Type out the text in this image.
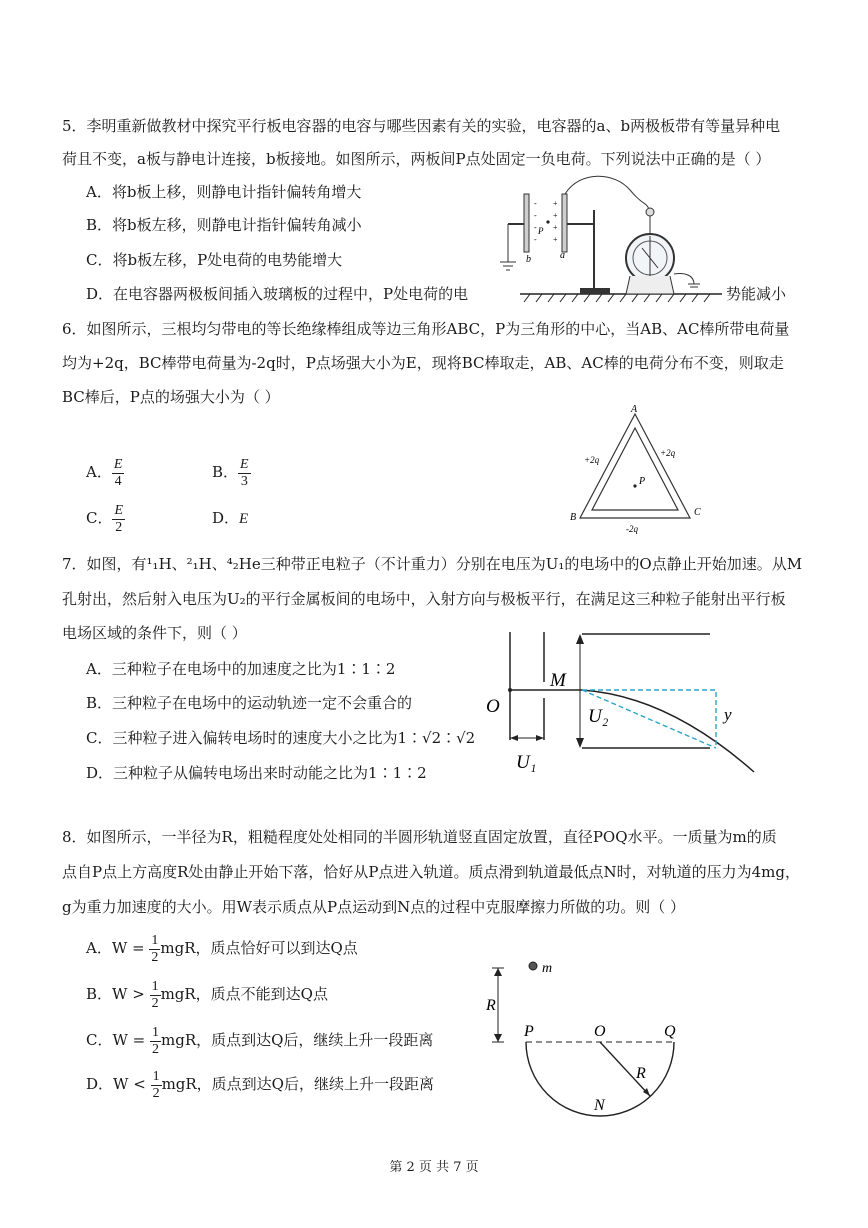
5．李明重新做教材中探究平行板电容器的电容与哪些因素有关的实验，电容器的a、b两极板带有等量异种电
荷且不变，a板与静电计连接，b板接地。如图所示，两板间P点处固定一负电荷。下列说法中正确的是（ ）
A．将b板上移，则静电计指针偏转角增大
B．将b板左移，则静电计指针偏转角减小
C．将b板左移，P处电荷的电势能增大
D．在电容器两极板间插入玻璃板的过程中，P处电荷的电	势能减小
b	a
-
-
-
-
+
+
+
+
P
6．如图所示，三根均匀带电的等长绝缘棒组成等边三角形ABC，P为三角形的中心，当AB、AC棒所带电荷量
均为+2q，BC棒带电荷量为-2q时，P点场强大小为E，现将BC棒取走，AB、AC棒的电荷分布不变，则取走
BC棒后，P点的场强大小为（ ）
A． $\frac{E}{4}$	B． $\frac{E}{3}$
C． $\frac{E}{2}$	D．E
A
B	C
P
+2q
+2q
-2q
7．如图，有¹₁H、²₁H、⁴₂He三种带正电粒子（不计重力）分别在电压为U₁的电场中的O点静止开始加速。从M
孔射出，然后射入电压为U₂的平行金属板间的电场中，入射方向与极板平行，在满足这三种粒子能射出平行板
电场区域的条件下，则（ ）
A．三种粒子在电场中的加速度之比为1∶1∶2
B．三种粒子在电场中的运动轨迹一定不会重合的
C．三种粒子进入偏转电场时的速度大小之比为1∶√2∶√2
D．三种粒子从偏转电场出来时动能之比为1∶1∶2
O
M
U₂
U₁
y
8．如图所示，一半径为R，粗糙程度处处相同的半圆形轨道竖直固定放置，直径POQ水平。一质量为m的质
点自P点上方高度R处由静止开始下落，恰好从P点进入轨道。质点滑到轨道最低点N时，对轨道的压力为4mg，
g为重力加速度的大小。用W表示质点从P点运动到N点的过程中克服摩擦力所做的功。则（ ）
A．$W = \frac{1}{2}$ mgR，质点恰好可以到达Q点
B．$W > \frac{1}{2}$ mgR，质点不能到达Q点
C．$W = \frac{1}{2}$ mgR，质点到达Q后，继续上升一段距离
D．$W < \frac{1}{2}$ mgR，质点到达Q后，继续上升一段距离
m
R
P	O	Q
R
N
第 2 页 共 7 页
